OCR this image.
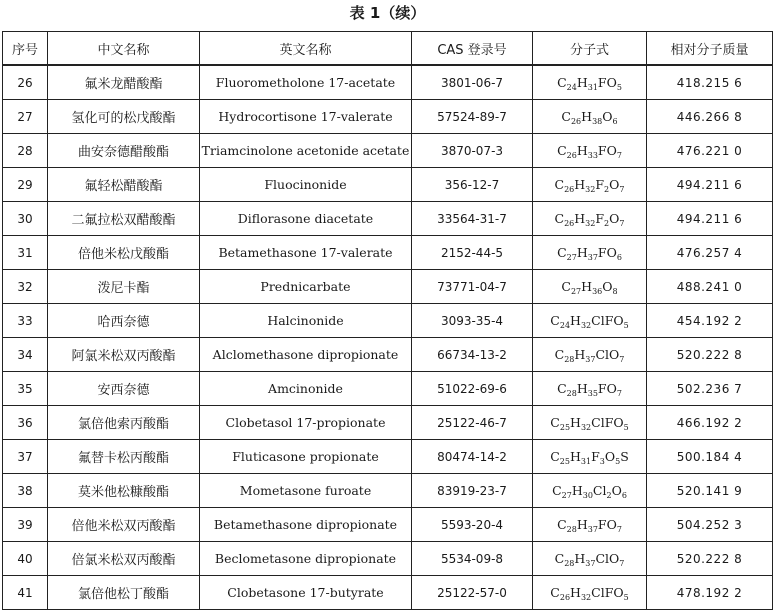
表 1（续）
序号	中文名称	英文名称	CAS 登录号	分子式	相对分子质量
26	氟米龙醋酸酯	Fluorometholone 17-acetate	3801-06-7	$C_{24}H_{31}FO_5$	418.215 6
27	氢化可的松戊酸酯	Hydrocortisone 17-valerate	57524-89-7	$C_{26}H_{38}O_6$	446.266 8
28	曲安奈德醋酸酯	Triamcinolone acetonide acetate	3870-07-3	$C_{26}H_{33}FO_7$	476.221 0
29	氟轻松醋酸酯	Fluocinonide	356-12-7	$C_{26}H_{32}F_2O_7$	494.211 6
30	二氟拉松双醋酸酯	Diflorasone diacetate	33564-31-7	$C_{26}H_{32}F_2O_7$	494.211 6
31	倍他米松戊酸酯	Betamethasone 17-valerate	2152-44-5	$C_{27}H_{37}FO_6$	476.257 4
32	泼尼卡酯	Prednicarbate	73771-04-7	$C_{27}H_{36}O_8$	488.241 0
33	哈西奈德	Halcinonide	3093-35-4	$C_{24}H_{32}ClFO_5$	454.192 2
34	阿氯米松双丙酸酯	Alclomethasone dipropionate	66734-13-2	$C_{28}H_{37}ClO_7$	520.222 8
35	安西奈德	Amcinonide	51022-69-6	$C_{28}H_{35}FO_7$	502.236 7
36	氯倍他索丙酸酯	Clobetasol 17-propionate	25122-46-7	$C_{25}H_{32}ClFO_5$	466.192 2
37	氟替卡松丙酸酯	Fluticasone propionate	80474-14-2	$C_{25}H_{31}F_3O_5S$	500.184 4
38	莫米他松糠酸酯	Mometasone furoate	83919-23-7	$C_{27}H_{30}Cl_2O_6$	520.141 9
39	倍他米松双丙酸酯	Betamethasone dipropionate	5593-20-4	$C_{28}H_{37}FO_7$	504.252 3
40	倍氯米松双丙酸酯	Beclometasone dipropionate	5534-09-8	$C_{28}H_{37}ClO_7$	520.222 8
41	氯倍他松丁酸酯	Clobetasone 17-butyrate	25122-57-0	$C_{26}H_{32}ClFO_5$	478.192 2
